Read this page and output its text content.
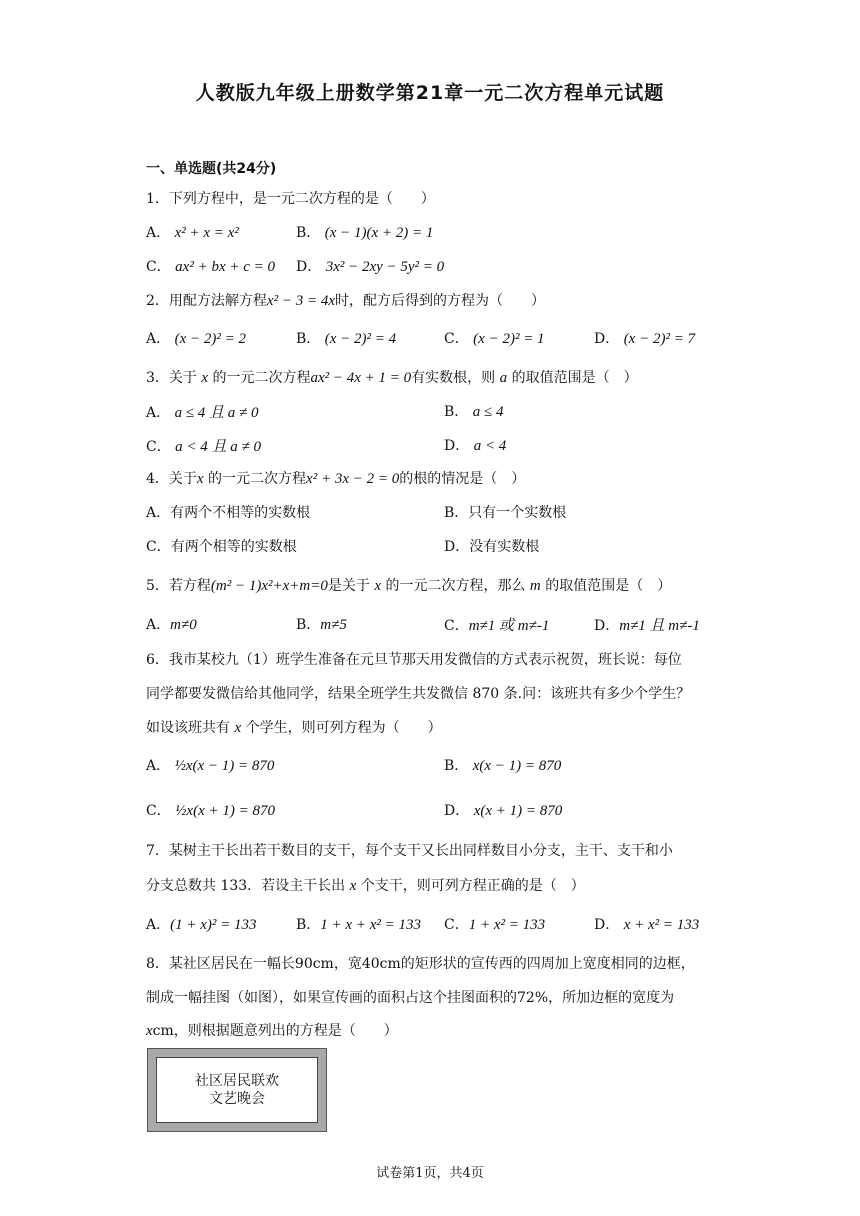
人教版九年级上册数学第21章一元二次方程单元试题
一、单选题(共24分)
1．下列方程中，是一元二次方程的是（　　）
A． x² + x = x²	B． (x − 1)(x + 2) = 1
C． ax² + bx + c = 0 D． 3x² − 2xy − 5y² = 0
2．用配方法解方程x² − 3 = 4x时，配方后得到的方程为（　　）
A． (x − 2)² = 2	B． (x − 2)² = 4	C． (x − 2)² = 1	D． (x − 2)² = 7
3．关于 x 的一元二次方程ax² − 4x + 1 = 0有实数根，则 a 的取值范围是（　）
A． a ≤ 4 且 a ≠ 0	B． a ≤ 4
C． a < 4 且 a ≠ 0	D． a < 4
4．关于x 的一元二次方程x² + 3x − 2 = 0的根的情况是（　）
A．有两个不相等的实数根	B．只有一个实数根
C．有两个相等的实数根	D．没有实数根
5．若方程(m² − 1)x²+x+m=0是关于 x 的一元二次方程，那么 m 的取值范围是（　）
A．m≠0	B．m≠5	C．m≠1 或 m≠-1	D．m≠1 且 m≠-1
6．我市某校九（1）班学生准备在元旦节那天用发微信的方式表示祝贺，班长说：每位
同学都要发微信给其他同学，结果全班学生共发微信 870 条.问：该班共有多少个学生？
如设该班共有 x 个学生，则可列方程为（　　）
A． ½x(x − 1) = 870	B． x(x − 1) = 870
C． ½x(x + 1) = 870	D． x(x + 1) = 870
7．某树主干长出若干数目的支干，每个支干又长出同样数目小分支，主干、支干和小
分支总数共 133．若设主干长出 x 个支干，则可列方程正确的是（　）
A．(1 + x)² = 133	B．1 + x + x² = 133 C．1 + x² = 133	D． x + x² = 133
8．某社区居民在一幅长90cm，宽40cm的矩形状的宣传西的四周加上宽度相同的边框，
制成一幅挂图（如图），如果宣传画的面积占这个挂图面积的72%，所加边框的宽度为
xcm，则根据题意列出的方程是（　　）
社区居民联欢
文艺晚会
试卷第1页，共4页
